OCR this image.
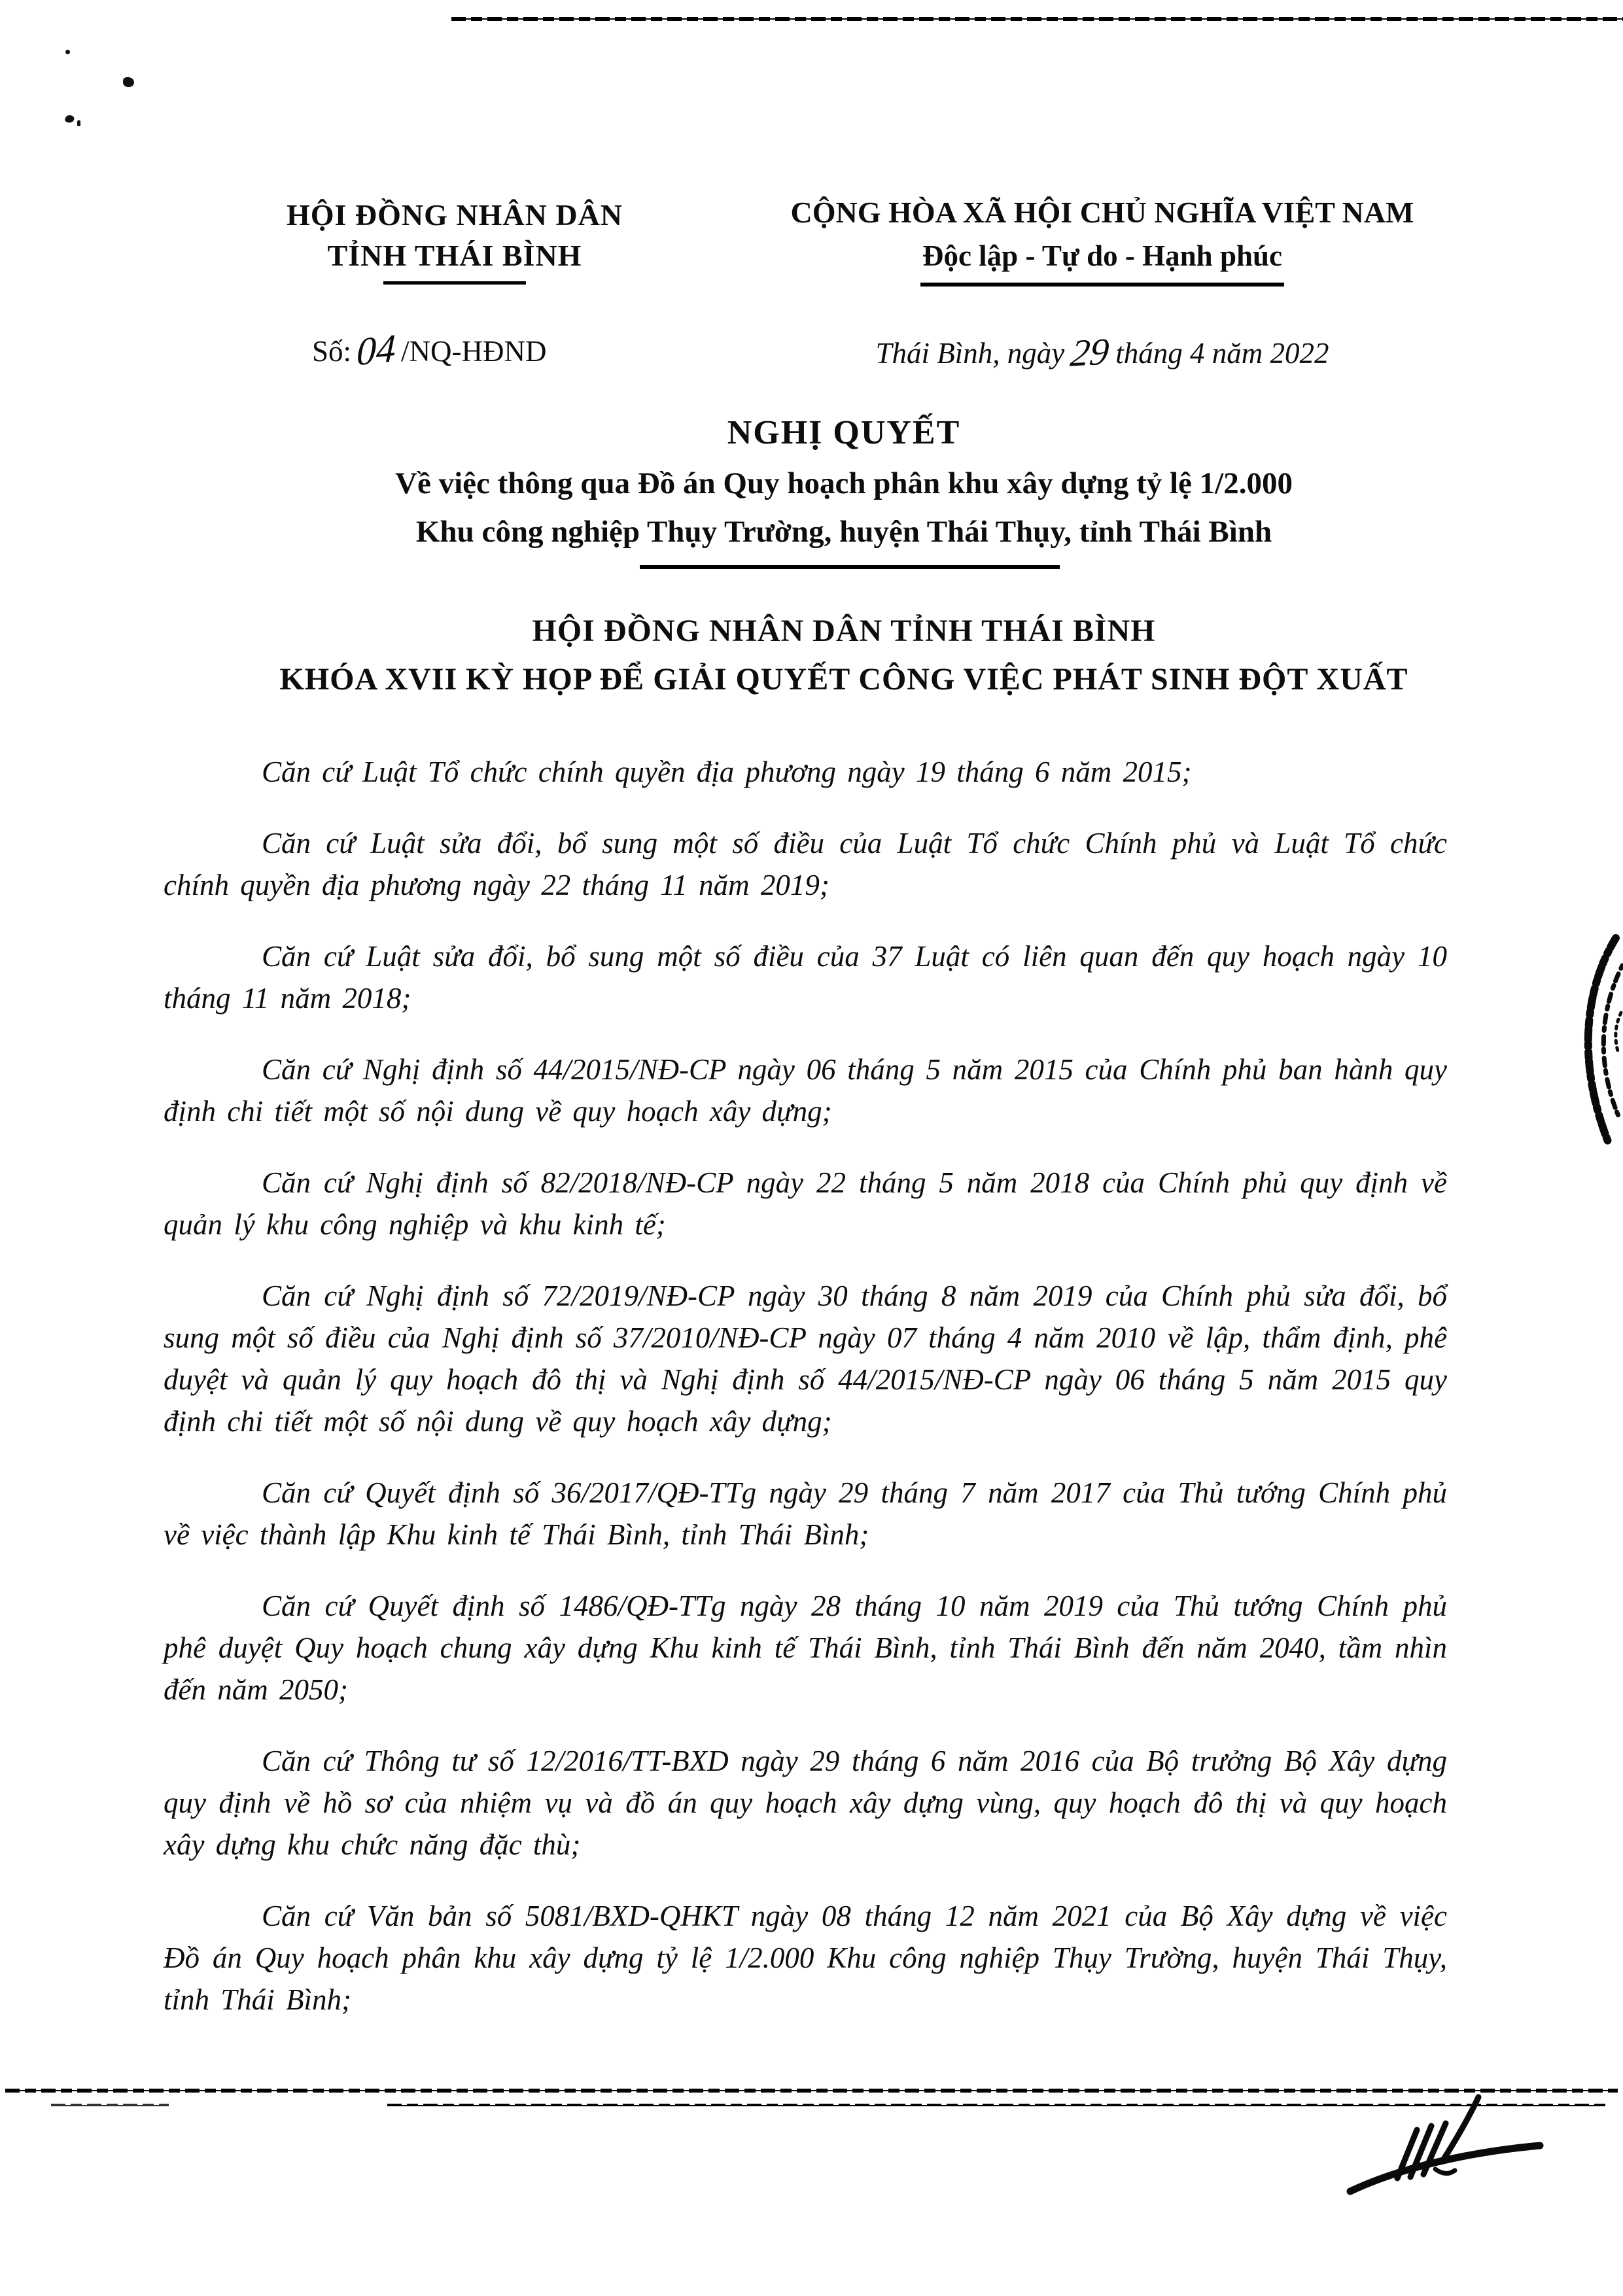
HỘI ĐỒNG NHÂN DÂN
TỈNH THÁI BÌNH
CỘNG HÒA XÃ HỘI CHỦ NGHĨA VIỆT NAM
Độc lập - Tự do - Hạnh phúc
Số: 04 /NQ-HĐND	Thái Bình, ngày 29 tháng 4 năm 2022
NGHỊ QUYẾT
Về việc thông qua Đồ án Quy hoạch phân khu xây dựng tỷ lệ 1/2.000
Khu công nghiệp Thụy Trường, huyện Thái Thụy, tỉnh Thái Bình
HỘI ĐỒNG NHÂN DÂN TỈNH THÁI BÌNH
KHÓA XVII KỲ HỌP ĐỂ GIẢI QUYẾT CÔNG VIỆC PHÁT SINH ĐỘT XUẤT

Căn cứ Luật Tổ chức chính quyền địa phương ngày 19 tháng 6 năm 2015;

Căn cứ Luật sửa đổi, bổ sung một số điều của Luật Tổ chức Chính phủ và Luật Tổ chức chính quyền địa phương ngày 22 tháng 11 năm 2019;

Căn cứ Luật sửa đổi, bổ sung một số điều của 37 Luật có liên quan đến quy hoạch ngày 10 tháng 11 năm 2018;

Căn cứ Nghị định số 44/2015/NĐ-CP ngày 06 tháng 5 năm 2015 của Chính phủ ban hành quy định chi tiết một số nội dung về quy hoạch xây dựng;

Căn cứ Nghị định số 82/2018/NĐ-CP ngày 22 tháng 5 năm 2018 của Chính phủ quy định về quản lý khu công nghiệp và khu kinh tế;

Căn cứ Nghị định số 72/2019/NĐ-CP ngày 30 tháng 8 năm 2019 của Chính phủ sửa đổi, bổ sung một số điều của Nghị định số 37/2010/NĐ-CP ngày 07 tháng 4 năm 2010 về lập, thẩm định, phê duyệt và quản lý quy hoạch đô thị và Nghị định số 44/2015/NĐ-CP ngày 06 tháng 5 năm 2015 quy định chi tiết một số nội dung về quy hoạch xây dựng;

Căn cứ Quyết định số 36/2017/QĐ-TTg ngày 29 tháng 7 năm 2017 của Thủ tướng Chính phủ về việc thành lập Khu kinh tế Thái Bình, tỉnh Thái Bình;

Căn cứ Quyết định số 1486/QĐ-TTg ngày 28 tháng 10 năm 2019 của Thủ tướng Chính phủ phê duyệt Quy hoạch chung xây dựng Khu kinh tế Thái Bình, tỉnh Thái Bình đến năm 2040, tầm nhìn đến năm 2050;

Căn cứ Thông tư số 12/2016/TT-BXD ngày 29 tháng 6 năm 2016 của Bộ trưởng Bộ Xây dựng quy định về hồ sơ của nhiệm vụ và đồ án quy hoạch xây dựng vùng, quy hoạch đô thị và quy hoạch xây dựng khu chức năng đặc thù;

Căn cứ Văn bản số 5081/BXD-QHKT ngày 08 tháng 12 năm 2021 của Bộ Xây dựng về việc Đồ án Quy hoạch phân khu xây dựng tỷ lệ 1/2.000 Khu công nghiệp Thụy Trường, huyện Thái Thụy, tỉnh Thái Bình;
